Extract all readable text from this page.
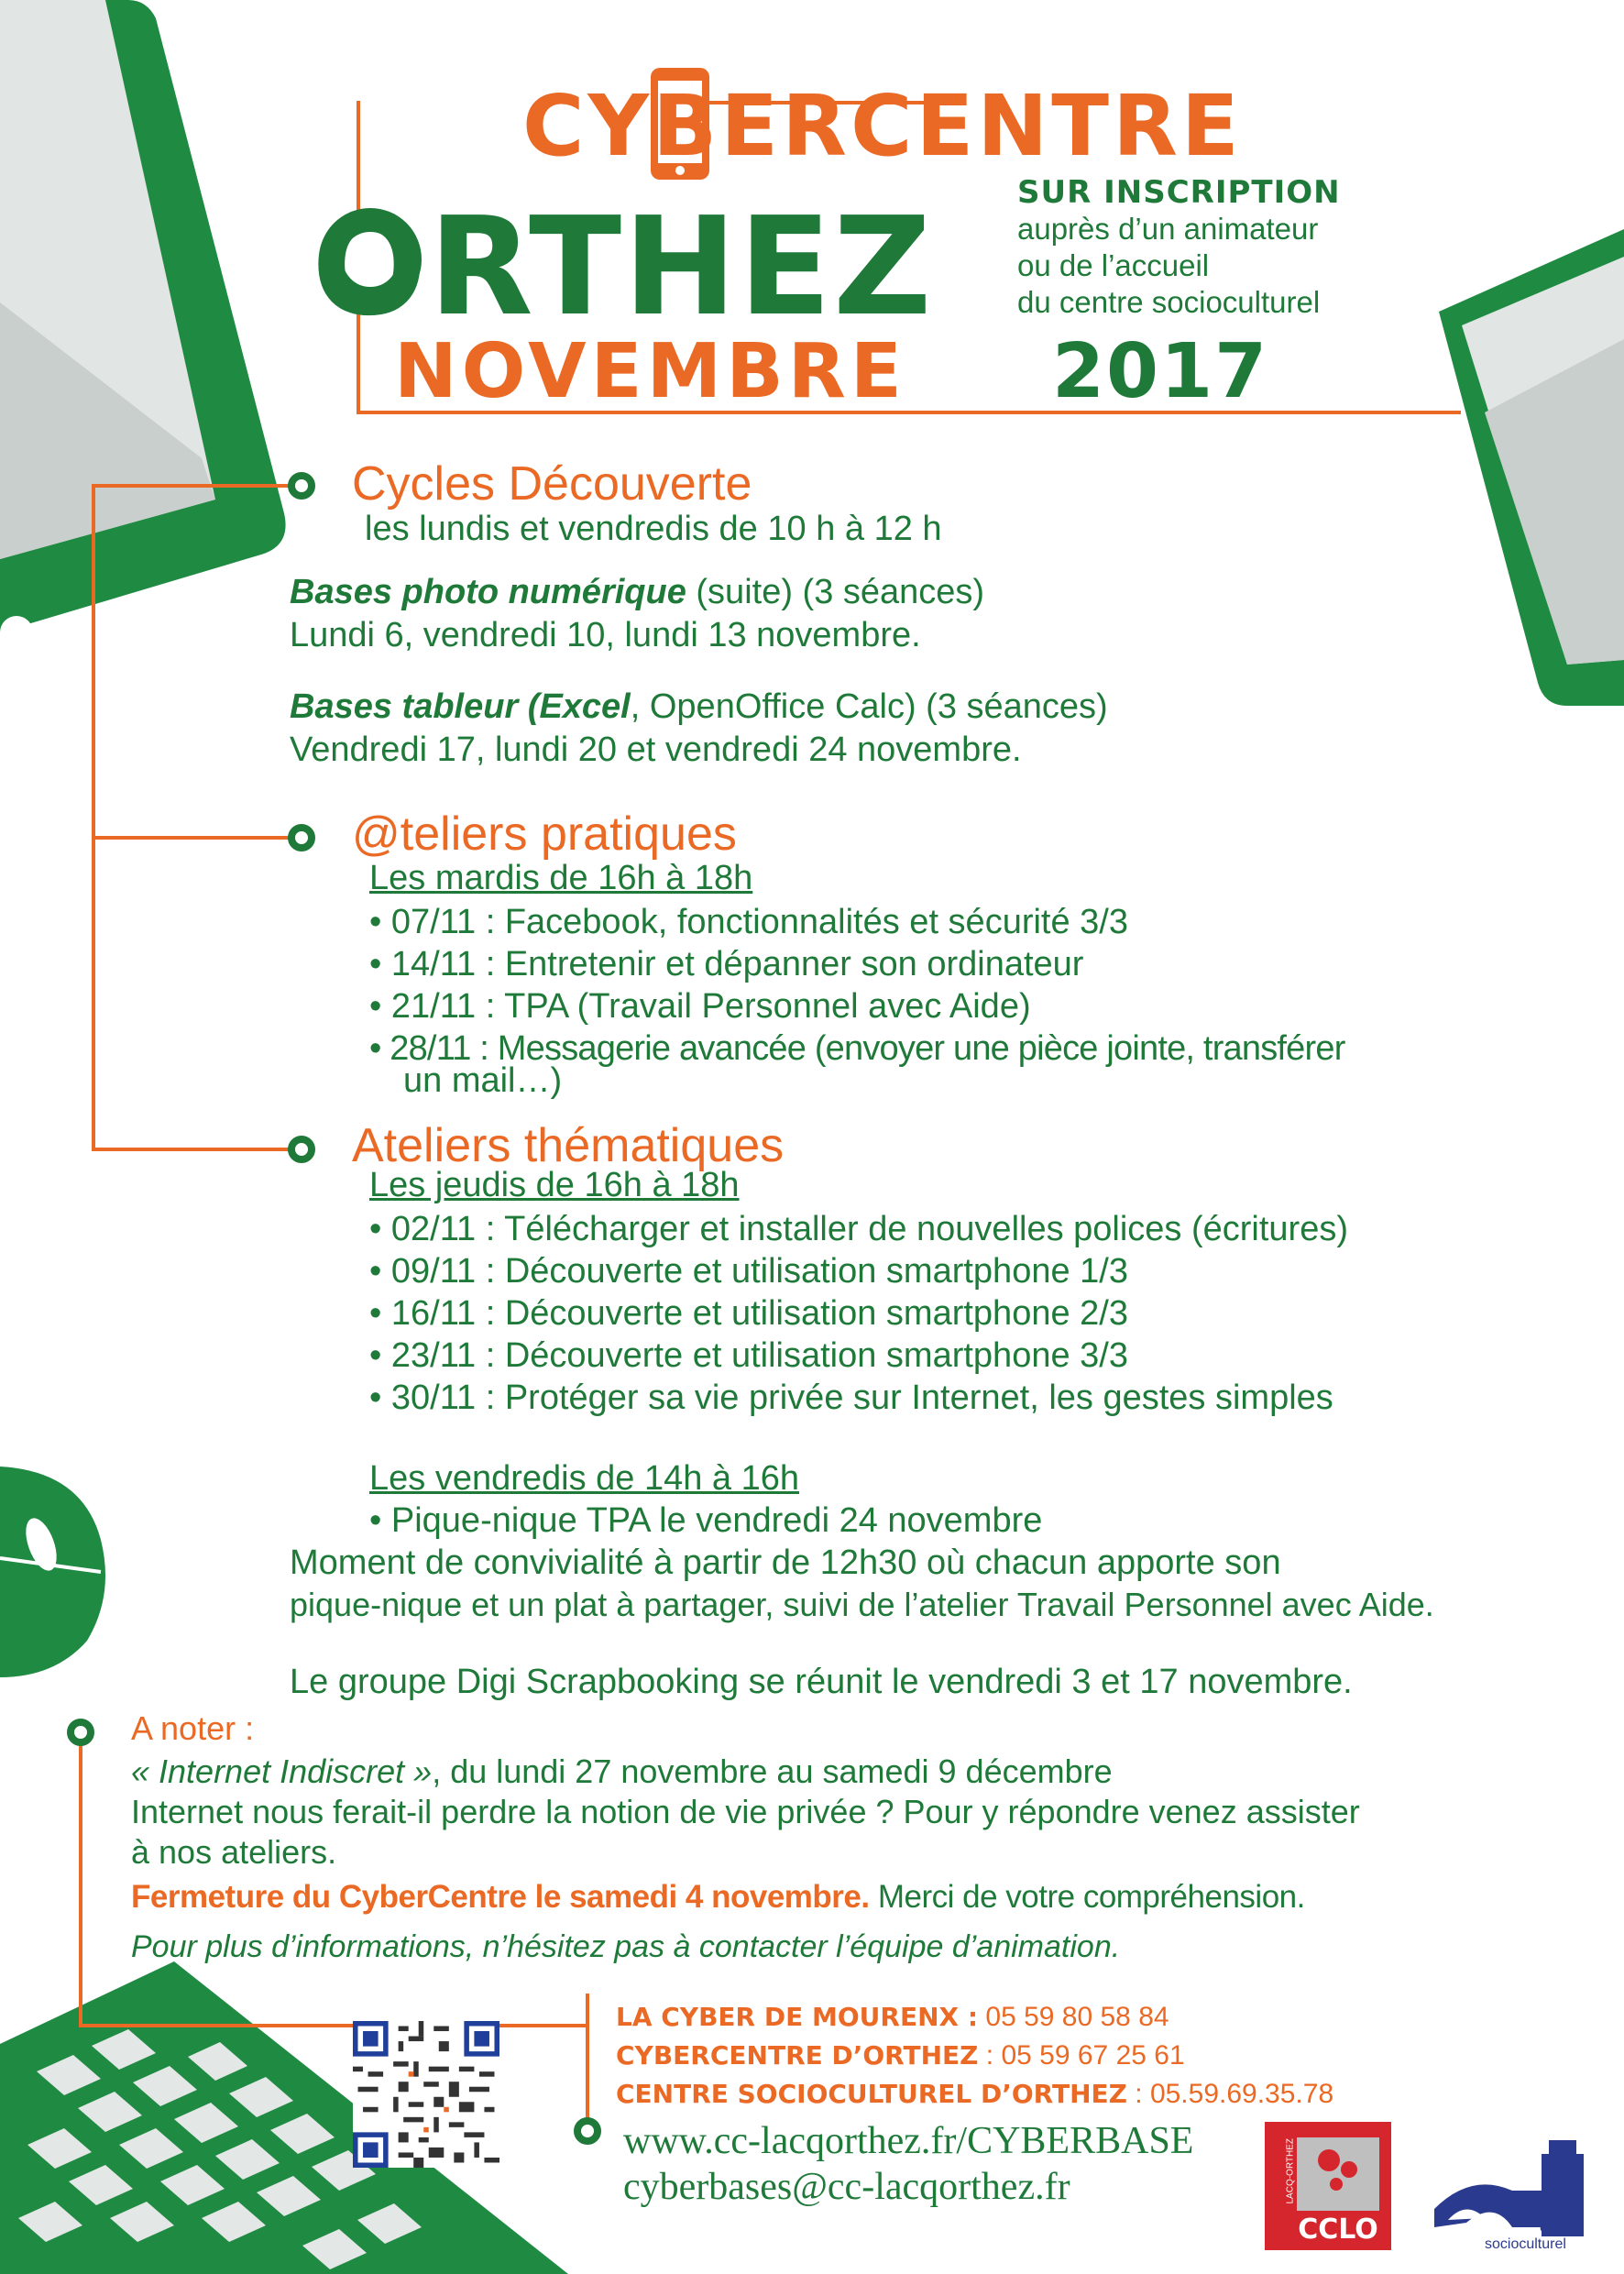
CYBERCENTRE
ORTHEZ
NOVEMBRE 2017
SUR INSCRIPTION
auprès d’un animateur
ou de l’accueil
du centre socioculturel
Cycles Découverte
les lundis et vendredis de 10 h à 12 h
Bases photo numérique (suite) (3 séances)
Lundi 6, vendredi 10, lundi 13 novembre.
Bases tableur (Excel, OpenOffice Calc) (3 séances)
Vendredi 17, lundi 20 et vendredi 24 novembre.
@teliers pratiques
Les mardis de 16h à 18h
• 07/11 : Facebook, fonctionnalités et sécurité 3/3
• 14/11 : Entretenir et dépanner son ordinateur
• 21/11 : TPA (Travail Personnel avec Aide)
• 28/11 : Messagerie avancée (envoyer une pièce jointe, transférer
un mail…)
Ateliers thématiques
Les jeudis de 16h à 18h
• 02/11 : Télécharger et installer de nouvelles polices (écritures)
• 09/11 : Découverte et utilisation smartphone 1/3
• 16/11 : Découverte et utilisation smartphone 2/3
• 23/11 : Découverte et utilisation smartphone 3/3
• 30/11 : Protéger sa vie privée sur Internet, les gestes simples
Les vendredis de 14h à 16h
• Pique-nique TPA le vendredi 24 novembre
Moment de convivialité à partir de 12h30 où chacun apporte son
pique-nique et un plat à partager, suivi de l’atelier Travail Personnel avec Aide.
Le groupe Digi Scrapbooking se réunit le vendredi 3 et 17 novembre.
A noter :
« Internet Indiscret », du lundi 27 novembre au samedi 9 décembre
Internet nous ferait-il perdre la notion de vie privée ? Pour y répondre venez assister
à nos ateliers.
Fermeture du CyberCentre le samedi 4 novembre. Merci de votre compréhension.
Pour plus d’informations, n’hésitez pas à contacter l’équipe d’animation.
LA CYBER DE MOURENX : 05 59 80 58 84
CYBERCENTRE D’ORTHEZ : 05 59 67 25 61
CENTRE SOCIOCULTUREL D’ORTHEZ : 05.59.69.35.78
www.cc-lacqorthez.fr/CYBERBASE
cyberbases@cc-lacqorthez.fr	LACQ-ORTHEZ
CCLO	centre
socioculturel
